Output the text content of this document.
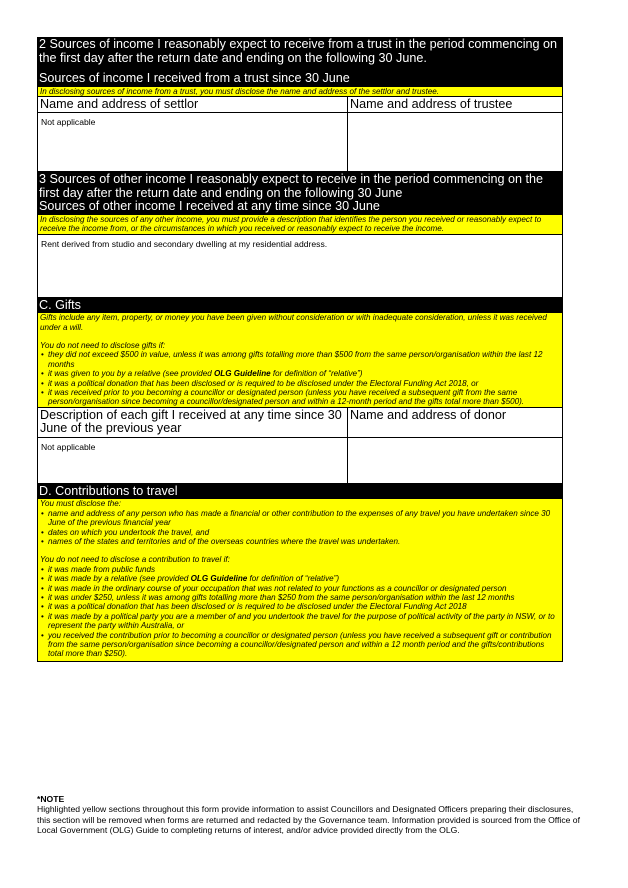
2 Sources of income I reasonably expect to receive from a trust in the period commencing on the first day after the return date and ending on the following 30 June.
Sources of income I received from a trust since 30 June
In disclosing sources of income from a trust, you must disclose the name and address of the settlor and trustee.
Name and address of settlor	Name and address of trustee
Not applicable
3 Sources of other income I reasonably expect to receive in the period commencing on the first day after the return date and ending on the following 30 June
Sources of other income I received at any time since 30 June
In disclosing the sources of any other income, you must provide a description that identifies the person you received or reasonably expect to receive the income from, or the circumstances in which you received or reasonably expect to receive the income.
Rent derived from studio and secondary dwelling at my residential address.
C. Gifts
Gifts include any item, property, or money you have been given without consideration or with inadequate consideration, unless it was received under a will.
You do not need to disclose gifts if:
• they did not exceed $500 in value, unless it was among gifts totalling more than $500 from the same person/organisation within the last 12 months
• it was given to you by a relative (see provided OLG Guideline for definition of “relative”)
• it was a political donation that has been disclosed or is required to be disclosed under the Electoral Funding Act 2018, or
• it was received prior to you becoming a councillor or designated person (unless you have received a subsequent gift from the same person/organisation since becoming a councillor/designated person and within a 12-month period and the gifts total more than $500).
Description of each gift I received at any time since 30 June of the previous year
Name and address of donor
Not applicable
D. Contributions to travel
You must disclose the:
• name and address of any person who has made a financial or other contribution to the expenses of any travel you have undertaken since 30 June of the previous financial year
• dates on which you undertook the travel, and
• names of the states and territories and of the overseas countries where the travel was undertaken.
You do not need to disclose a contribution to travel if:
• it was made from public funds
• it was made by a relative (see provided OLG Guideline for definition of “relative”)
• it was made in the ordinary course of your occupation that was not related to your functions as a councillor or designated person
• it was under $250, unless it was among gifts totalling more than $250 from the same person/organisation within the last 12 months
• it was a political donation that has been disclosed or is required to be disclosed under the Electoral Funding Act 2018
• it was made by a political party you are a member of and you undertook the travel for the purpose of political activity of the party in NSW, or to represent the party within Australia, or
• you received the contribution prior to becoming a councillor or designated person (unless you have received a subsequent gift or contribution from the same person/organisation since becoming a councillor/designated person and within a 12 month period and the gifts/contributions total more than $250).
*NOTE
Highlighted yellow sections throughout this form provide information to assist Councillors and Designated Officers preparing their disclosures, this section will be removed when forms are returned and redacted by the Governance team. Information provided is sourced from the Office of Local Government (OLG) Guide to completing returns of interest, and/or advice provided directly from the OLG.
